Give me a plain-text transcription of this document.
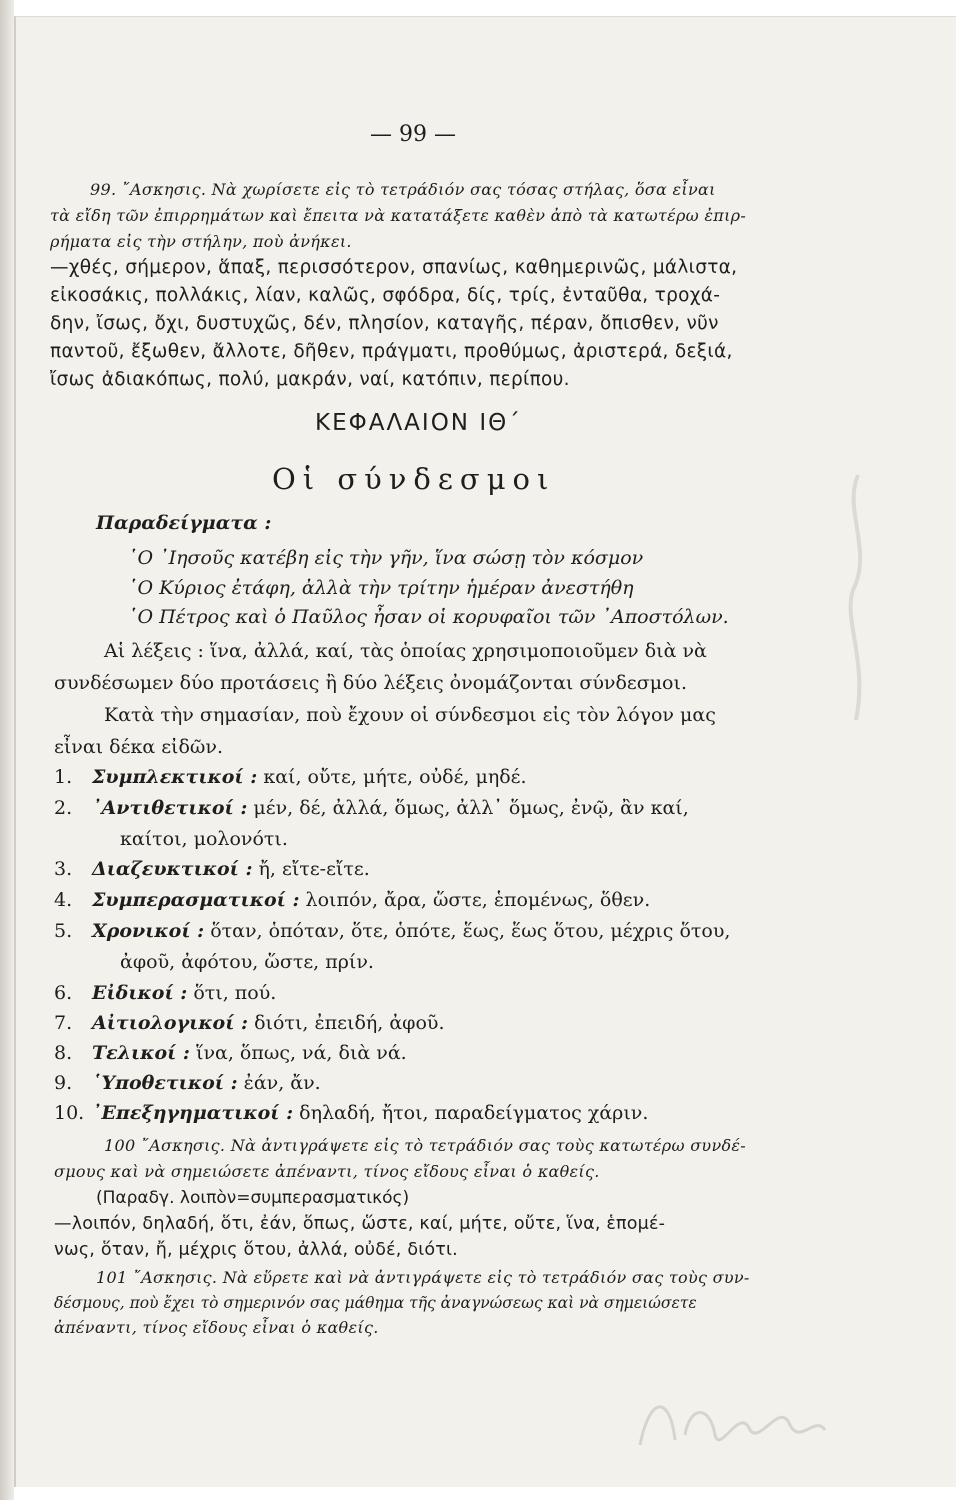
— 99 —
99. ῎Ασκησις. Νὰ χωρίσετε εἰς τὸ τετράδιόν σας τόσας στήλας, ὅσα εἶναι
τὰ εἴδη τῶν ἐπιρρημάτων καὶ ἔπειτα νὰ κατατάξετε καθὲν ἀπὸ τὰ κατωτέρω ἐπιρ-
ρήματα εἰς τὴν στήλην, ποὺ ἀνήκει.
—χθές, σήμερον, ἅπαξ, περισσότερον, σπανίως, καθημερινῶς, μάλιστα,
εἰκοσάκις, πολλάκις, λίαν, καλῶς, σφόδρα, δίς, τρίς, ἐνταῦθα, τροχά-
δην, ἴσως, ὄχι, δυστυχῶς, δέν, πλησίον, καταγῆς, πέραν, ὄπισθεν, νῦν
παντοῦ, ἔξωθεν, ἄλλοτε, δῆθεν, πράγματι, προθύμως, ἀριστερά, δεξιά,
ἴσως ἀδιακόπως, πολύ, μακράν, ναί, κατόπιν, περίπου.
ΚΕΦΑΛΑΙΟΝ ΙΘ΄
Οἱ σύνδεσμοι
Παραδείγματα :
῾Ο ᾿Ιησοῦς κατέβη εἰς τὴν γῆν, ἵνα σώσῃ τὸν κόσμον
῾Ο Κύριος ἐτάφη, ἀλλὰ τὴν τρίτην ἡμέραν ἀνεστήθη
῾Ο Πέτρος καὶ ὁ Παῦλος ἦσαν οἱ κορυφαῖοι τῶν ᾿Αποστόλων.
Αἱ λέξεις : ἵνα, ἀλλά, καί, τὰς ὁποίας χρησιμοποιοῦμεν διὰ νὰ
συνδέσωμεν δύο προτάσεις ἢ δύο λέξεις ὀνομάζονται σύνδεσμοι.
Κατὰ τὴν σημασίαν, ποὺ ἔχουν οἱ σύνδεσμοι εἰς τὸν λόγον μας
εἶναι δέκα εἰδῶν.
1. Συμπλεκτικοί : καί, οὔτε, μήτε, οὐδέ, μηδέ.
2. ᾿Αντιθετικοί : μέν, δέ, ἀλλά, ὅμως, ἀλλ᾿ ὅμως, ἐνῷ, ἂν καί,
καίτοι, μολονότι.
3. Διαζευκτικοί : ἤ, εἴτε-εἴτε.
4. Συμπερασματικοί : λοιπόν, ἄρα, ὥστε, ἑπομένως, ὅθεν.
5. Χρονικοί : ὅταν, ὁπόταν, ὅτε, ὁπότε, ἕως, ἕως ὅτου, μέχρις ὅτου,
ἀφοῦ, ἀφότου, ὥστε, πρίν.
6. Εἰδικοί : ὅτι, πού.
7. Αἰτιολογικοί : διότι, ἐπειδή, ἀφοῦ.
8. Τελικοί : ἵνα, ὅπως, νά, διὰ νά.
9. ῾Υποθετικοί : ἐάν, ἄν.
10. ᾿Επεξηγηματικοί : δηλαδή, ἤτοι, παραδείγματος χάριν.
100 ῎Ασκησις. Νὰ ἀντιγράψετε εἰς τὸ τετράδιόν σας τοὺς κατωτέρω συνδέ-
σμους καὶ νὰ σημειώσετε ἀπέναντι, τίνος εἴδους εἶναι ὁ καθείς.
(Παραδγ. λοιπὸν=συμπερασματικός)
—λοιπόν, δηλαδή, ὅτι, ἐάν, ὅπως, ὥστε, καί, μήτε, οὔτε, ἵνα, ἑπομέ-
νως, ὅταν, ἤ, μέχρις ὅτου, ἀλλά, οὐδέ, διότι.
101 ῎Ασκησις. Νὰ εὕρετε καὶ νὰ ἀντιγράψετε εἰς τὸ τετράδιόν σας τοὺς συν-
δέσμους, ποὺ ἔχει τὸ σημερινόν σας μάθημα τῆς ἀναγνώσεως καὶ νὰ σημειώσετε
ἀπέναντι, τίνος εἴδους εἶναι ὁ καθείς.
